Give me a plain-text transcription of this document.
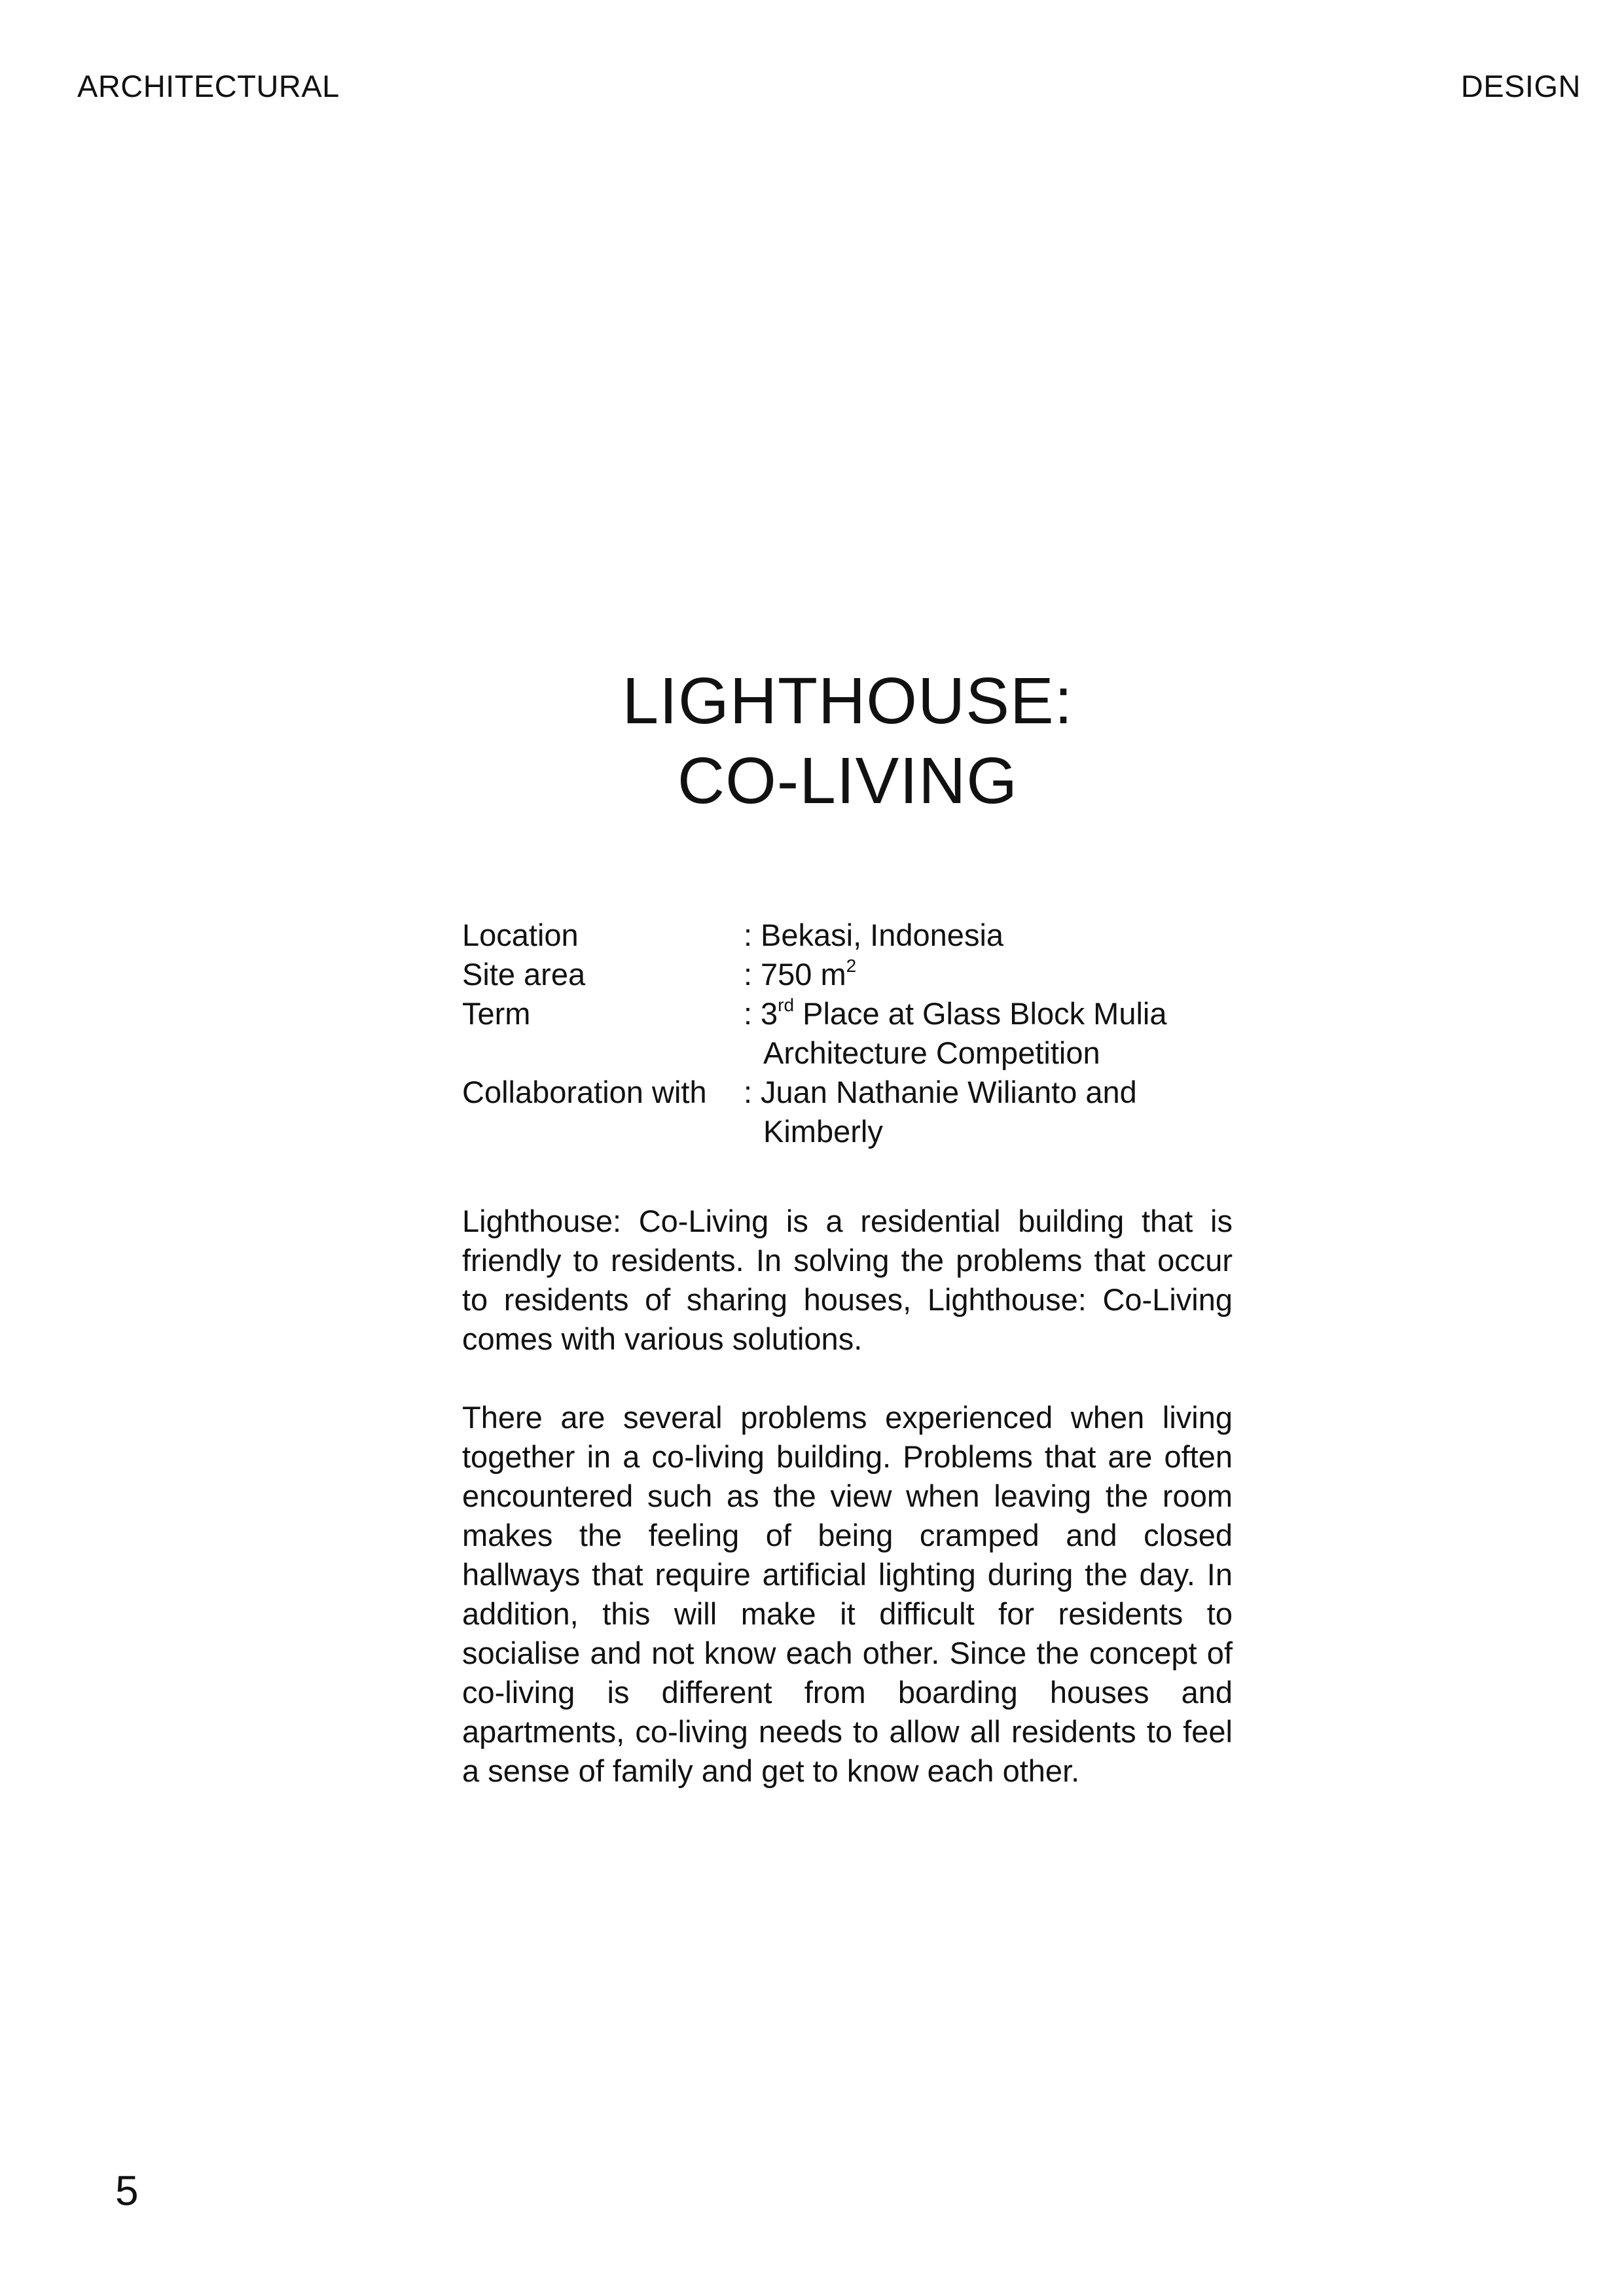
ARCHITECTURAL	DESIGN
LIGHTHOUSE:
CO-LIVING
Location	: Bekasi, Indonesia
Site area	: 750 $m^2$
Term	: 3rd Place at Glass Block Mulia
Architecture Competition
Collaboration with	: Juan Nathanie Wilianto and
Kimberly

Lighthouse: Co-Living is a residential building that is friendly to residents. In solving the problems that occur to residents of sharing houses, Lighthouse: Co-Living comes with various solutions.

There are several problems experienced when living together in a co-living building. Problems that are often encountered such as the view when leaving the room makes the feeling of being cramped and closed hallways that require artificial lighting during the day. In addition, this will make it difficult for residents to socialise and not know each other. Since the concept of co-living is different from boarding houses and apartments, co-living needs to allow all residents to feel a sense of family and get to know each other.

5
